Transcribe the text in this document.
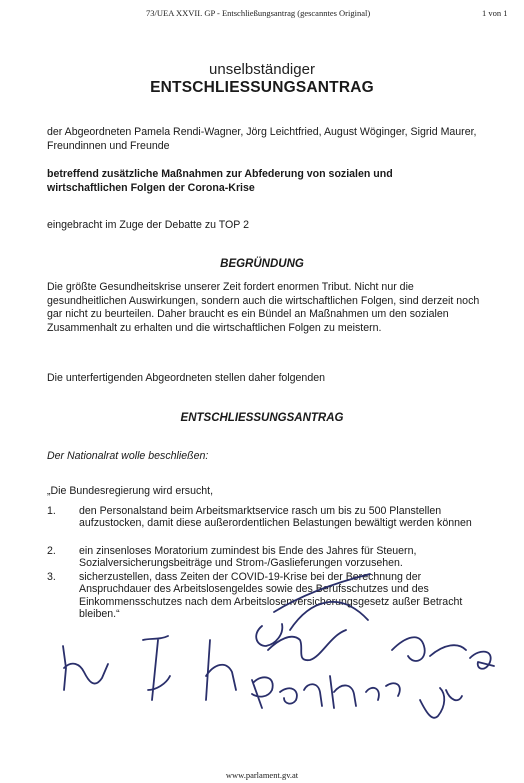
73/UEA XXVII. GP - Entschließungsantrag (gescanntes Original)	1 von 1
unselbständiger
ENTSCHLIESSUNGSANTRAG
der Abgeordneten Pamela Rendi-Wagner, Jörg Leichtfried, August Wöginger, Sigrid Maurer, Freundinnen und Freunde
betreffend zusätzliche Maßnahmen zur Abfederung von sozialen und wirtschaftlichen Folgen der Corona-Krise
eingebracht im Zuge der Debatte zu TOP 2
BEGRÜNDUNG
Die größte Gesundheitskrise unserer Zeit fordert enormen Tribut. Nicht nur die gesundheitlichen Auswirkungen, sondern auch die wirtschaftlichen Folgen, sind derzeit noch gar nicht zu beurteilen. Daher braucht es ein Bündel an Maßnahmen um den sozialen Zusammenhalt zu erhalten und die wirtschaftlichen Folgen zu meistern.
Die unterfertigenden Abgeordneten stellen daher folgenden
ENTSCHLIESSUNGSANTRAG
Der Nationalrat wolle beschließen:
„Die Bundesregierung wird ersucht,
1. den Personalstand beim Arbeitsmarktservice rasch um bis zu 500 Planstellen aufzustocken, damit diese außerordentlichen Belastungen bewältigt werden können
2. ein zinsenloses Moratorium zumindest bis Ende des Jahres für Steuern, Sozialversicherungsbeiträge und Strom-/Gaslieferungen vorzusehen.
3. sicherzustellen, dass Zeiten der COVID-19-Krise bei der Berechnung der Anspruchdauer des Arbeitslosengeldes sowie des Berufsschutzes und des Einkommensschutzes nach dem Arbeitslosenversicherungsgesetz außer Betracht bleiben.“
www.parlament.gv.at
